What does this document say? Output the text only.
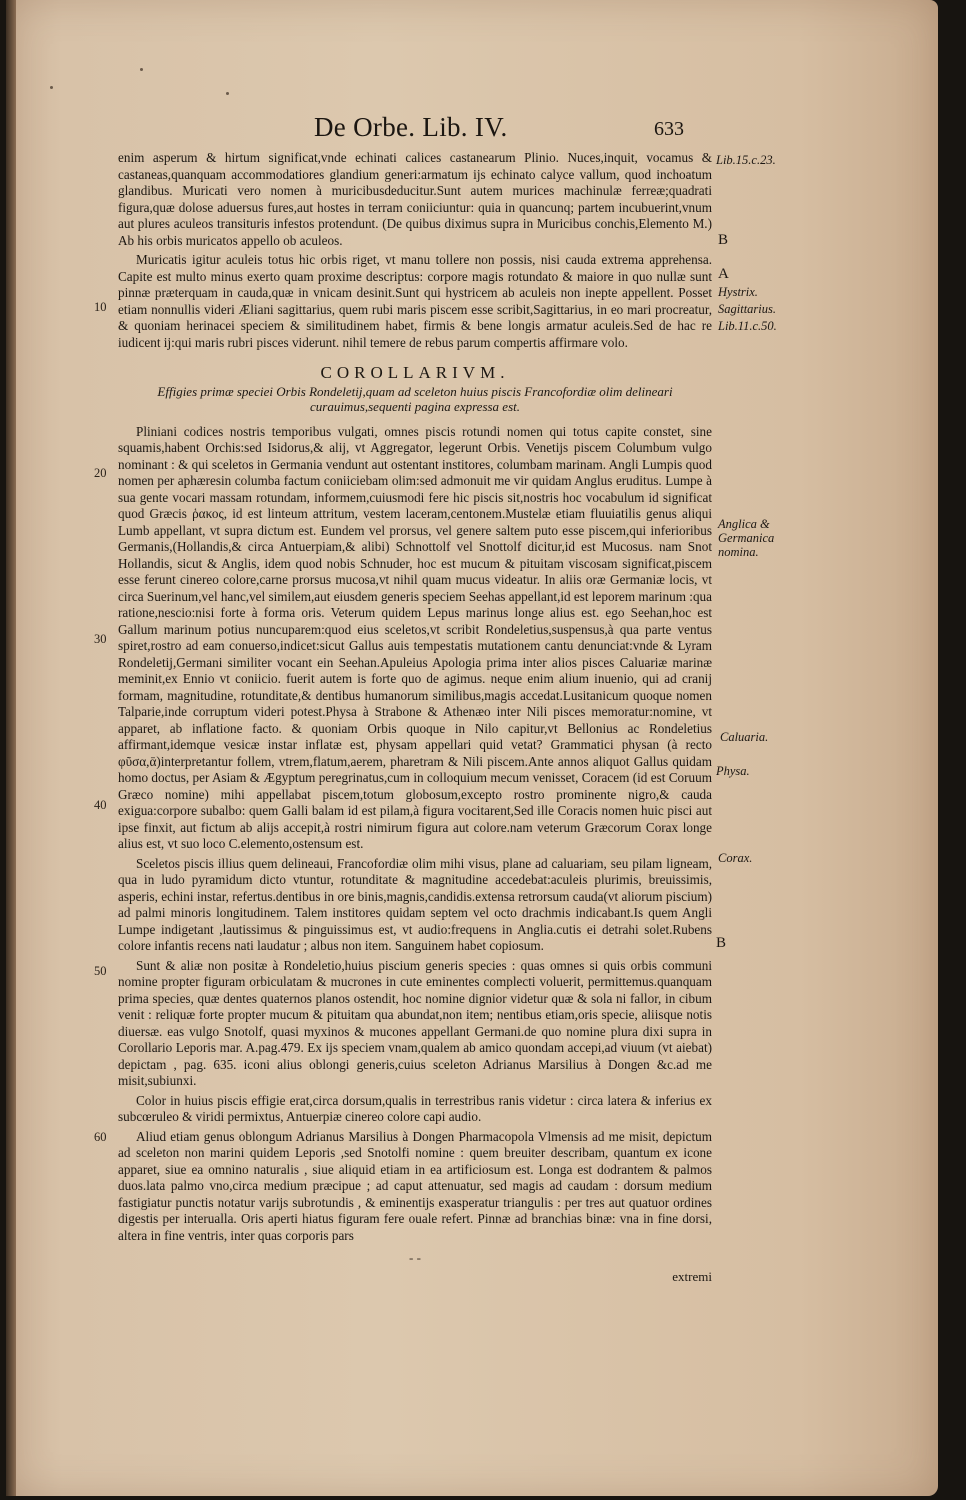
De Orbe. Lib. IV.	633

enim asperum & hirtum significat,vnde echinati calices castanearum Plinio. Nuces,inquit, vocamus & castaneas,quanquam accommodatiores glandium generi:armatum ijs echinato calyce vallum, quod inchoatum glandibus. Muricati vero nomen à muricibusdeducitur.Sunt autem murices machinulæ ferreæ;quadrati figura,quæ dolose aduersus fures,aut hostes in terram coniiciuntur: quia in quancunq; partem incubuerint,vnum aut plures aculeos transituris infestos protendunt. (De quibus diximus supra in Muricibus conchis,Elemento M.) Ab his orbis muricatos appello ob aculeos.

Muricatis igitur aculeis totus hic orbis riget, vt manu tollere non possis, nisi cauda extrema apprehensa. Capite est multo minus exerto quam proxime descriptus: corpore magis rotundato & maiore in quo nullæ sunt pinnæ præterquam in cauda,quæ in vnicam desinit.Sunt qui hystricem ab aculeis non inepte appellent. Posset etiam nonnullis videri Æliani sagittarius, quem rubi maris piscem esse scribit,Sagittarius, in eo mari procreatur, & quoniam herinacei speciem & similitudinem habet, firmis & bene longis armatur aculeis.Sed de hac re iudicent ij:qui maris rubri pisces viderunt. nihil temere de rebus parum compertis affirmare volo.

COROLLARIVM.
Effigies primæ speciei Orbis Rondeletij,quam ad sceleton huius piscis Francofordiæ olim delineari curauimus,sequenti pagina expressa est.

Pliniani codices nostris temporibus vulgati, omnes piscis rotundi nomen qui totus capite constet, sine squamis,habent Orchis:sed Isidorus,& alij, vt Aggregator, legerunt Orbis. Venetijs piscem Columbum vulgo nominant : & qui sceletos in Germania vendunt aut ostentant institores, columbam marinam. Angli Lumpis quod nomen per aphæresin columba factum coniiciebam olim:sed admonuit me vir quidam Anglus eruditus. Lumpe à sua gente vocari massam rotundam, informem,cuiusmodi fere hic piscis sit,nostris hoc vocabulum id significat quod Græcis ῥακος, id est linteum attritum, vestem laceram,centonem.Mustelæ etiam fluuiatilis genus aliqui Lumb appellant, vt supra dictum est. Eundem vel prorsus, vel genere saltem puto esse piscem,qui inferioribus Germanis,(Hollandis,& circa Antuerpiam,& alibi) Schnottolf vel Snottolf dicitur,id est Mucosus. nam Snot Hollandis, sicut & Anglis, idem quod nobis Schnuder, hoc est mucum & pituitam viscosam significat,piscem esse ferunt cinereo colore,carne prorsus mucosa,vt nihil quam mucus videatur. In aliis oræ Germaniæ locis, vt circa Suerinum,vel hanc,vel similem,aut eiusdem generis speciem Seehas appellant,id est leporem marinum :qua ratione,nescio:nisi forte à forma oris. Veterum quidem Lepus marinus longe alius est. ego Seehan,hoc est Gallum marinum potius nuncuparem:quod eius sceletos,vt scribit Rondeletius,suspensus,à qua parte ventus spiret,rostro ad eam conuerso,indicet:sicut Gallus auis tempestatis mutationem cantu denunciat:vnde & Lyram Rondeletij,Germani similiter vocant ein Seehan.Apuleius Apologia prima inter alios pisces Caluariæ marinæ meminit,ex Ennio vt coniicio. fuerit autem is forte quo de agimus. neque enim alium inuenio, qui ad cranij formam, magnitudine, rotunditate,& dentibus humanorum similibus,magis accedat.Lusitanicum quoque nomen Talparie,inde corruptum videri potest.Physa à Strabone & Athenæo inter Nili pisces memoratur:nomine, vt apparet, ab inflatione facto. & quoniam Orbis quoque in Nilo capitur,vt Bellonius ac Rondeletius affirmant,idemque vesicæ instar inflatæ est, physam appellari quid vetat? Grammatici physan (à recto φῦσα,ᾱ)interpretantur follem, vtrem,flatum,aerem, pharetram & Nili piscem.Ante annos aliquot Gallus quidam homo doctus, per Asiam & Ægyptum peregrinatus,cum in colloquium mecum venisset, Coracem (id est Coruum Græco nomine) mihi appellabat piscem,totum globosum,excepto rostro prominente nigro,& cauda exigua:corpore subalbo: quem Galli balam id est pilam,à figura vocitarent,Sed ille Coracis nomen huic pisci aut ipse finxit, aut fictum ab alijs accepit,à rostri nimirum figura aut colore.nam veterum Græcorum Corax longe alius est, vt suo loco C.elemento,ostensum est.

Sceletos piscis illius quem delineaui, Francofordiæ olim mihi visus, plane ad caluariam, seu pilam ligneam, qua in ludo pyramidum dicto vtuntur, rotunditate & magnitudine accedebat:aculeis plurimis, breuissimis, asperis, echini instar, refertus.dentibus in ore binis,magnis,candidis.extensa retrorsum cauda(vt aliorum piscium) ad palmi minoris longitudinem. Talem institores quidam septem vel octo drachmis indicabant.Is quem Angli Lumpe indigetant ,lautissimus & pinguissimus est, vt audio:frequens in Anglia.cutis ei detrahi solet.Rubens colore infantis recens nati laudatur ; albus non item. Sanguinem habet copiosum.

Sunt & aliæ non positæ à Rondeletio,huius piscium generis species : quas omnes si quis orbis communi nomine propter figuram orbiculatam & mucrones in cute eminentes complecti voluerit, permittemus.quanquam prima species, quæ dentes quaternos planos ostendit, hoc nomine dignior videtur quæ & sola ni fallor, in cibum venit : reliquæ forte propter mucum & pituitam qua abundat,non item; nentibus etiam,oris specie, aliisque notis diuersæ. eas vulgo Snotolf, quasi myxinos & mucones appellant Germani.de quo nomine plura dixi supra in Corollario Leporis mar. A.pag.479. Ex ijs speciem vnam,qualem ab amico quondam accepi,ad viuum (vt aiebat) depictam , pag. 635. iconi alius oblongi generis,cuius sceleton Adrianus Marsilius à Dongen &c.ad me misit,subiunxi.

Color in huius piscis effigie erat,circa dorsum,qualis in terrestribus ranis videtur : circa latera & inferius ex subcœruleo & viridi permixtus, Antuerpiæ cinereo colore capi audio.

Aliud etiam genus oblongum Adrianus Marsilius à Dongen Pharmacopola Vlmensis ad me misit, depictum ad sceleton non marini quidem Leporis ,sed Snotolfi nomine : quem breuiter describam, quantum ex icone apparet, siue ea omnino naturalis , siue aliquid etiam in ea artificiosum est. Longa est dodrantem & palmos duos.lata palmo vno,circa medium præcipue ; ad caput attenuatur, sed magis ad caudam : dorsum medium fastigiatur punctis notatur varijs subrotundis , & eminentijs exasperatur triangulis : per tres aut quatuor ordines digestis per interualla. Oris aperti hiatus figuram fere ouale refert. Pinnæ ad branchias binæ: vna in fine dorsi, altera in fine ventris, inter quas corporis pars

- -
extremi
Lib.15.c.23.
B
A
Hystrix.
Sagittarius.
Lib.11.c.50.
Anglica & Germanica nomina.
Caluaria.
Physa.
Corax.
B
10
20
30
40
50
60
